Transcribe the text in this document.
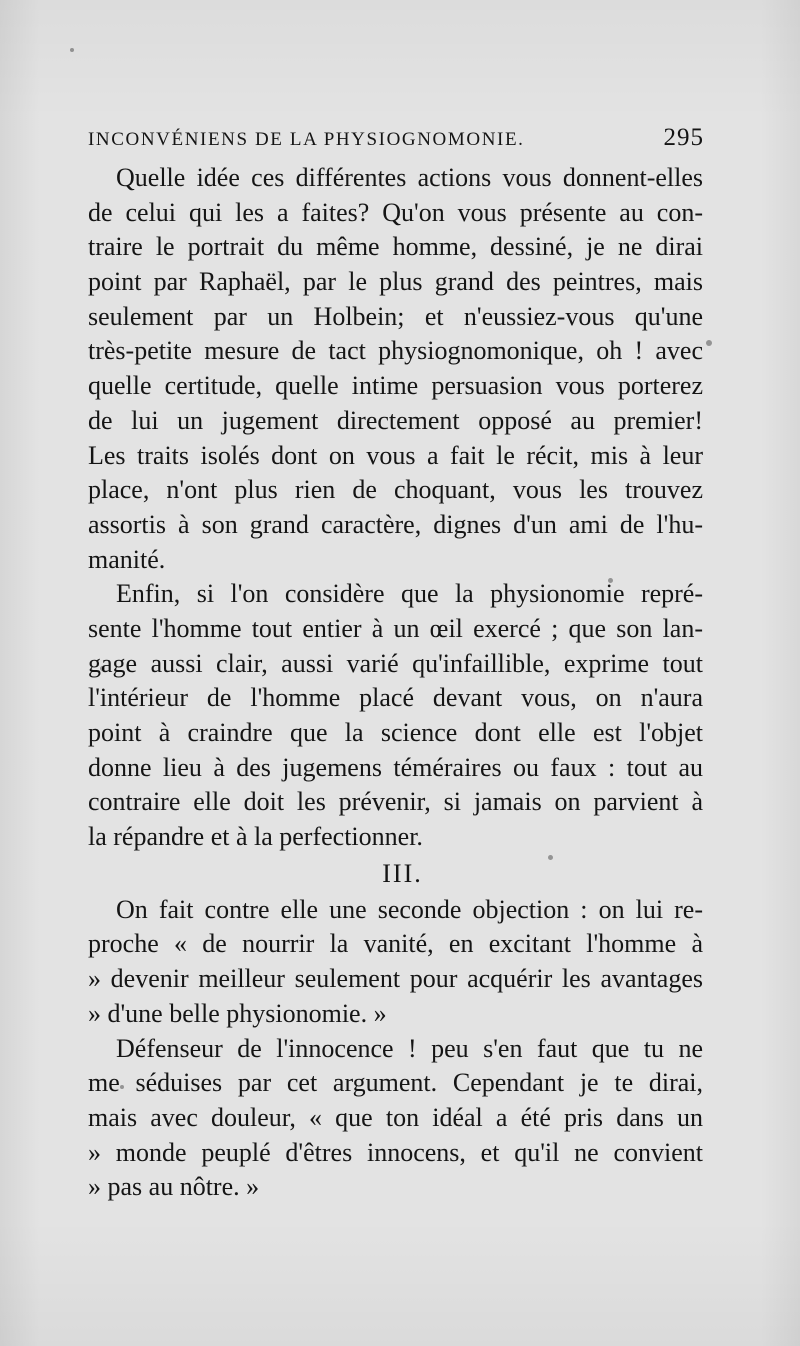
INCONVÉNIENS DE LA PHYSIOGNOMONIE.	295
Quelle idée ces différentes actions vous donnent-elles
de celui qui les a faites? Qu'on vous présente au con-
traire le portrait du même homme, dessiné, je ne dirai
point par Raphaël, par le plus grand des peintres, mais
seulement par un Holbein; et n'eussiez-vous qu'une
très-petite mesure de tact physiognomonique, oh ! avec
quelle certitude, quelle intime persuasion vous porterez
de lui un jugement directement opposé au premier!
Les traits isolés dont on vous a fait le récit, mis à leur
place, n'ont plus rien de choquant, vous les trouvez
assortis à son grand caractère, dignes d'un ami de l'hu-
manité.
Enfin, si l'on considère que la physionomie repré-
sente l'homme tout entier à un œil exercé ; que son lan-
gage aussi clair, aussi varié qu'infaillible, exprime tout
l'intérieur de l'homme placé devant vous, on n'aura
point à craindre que la science dont elle est l'objet
donne lieu à des jugemens téméraires ou faux : tout au
contraire elle doit les prévenir, si jamais on parvient à
la répandre et à la perfectionner.
III.
On fait contre elle une seconde objection : on lui re-
proche « de nourrir la vanité, en excitant l'homme à
» devenir meilleur seulement pour acquérir les avantages
» d'une belle physionomie. »
Défenseur de l'innocence ! peu s'en faut que tu ne
me séduises par cet argument. Cependant je te dirai,
mais avec douleur, « que ton idéal a été pris dans un
» monde peuplé d'êtres innocens, et qu'il ne convient
» pas au nôtre. »
